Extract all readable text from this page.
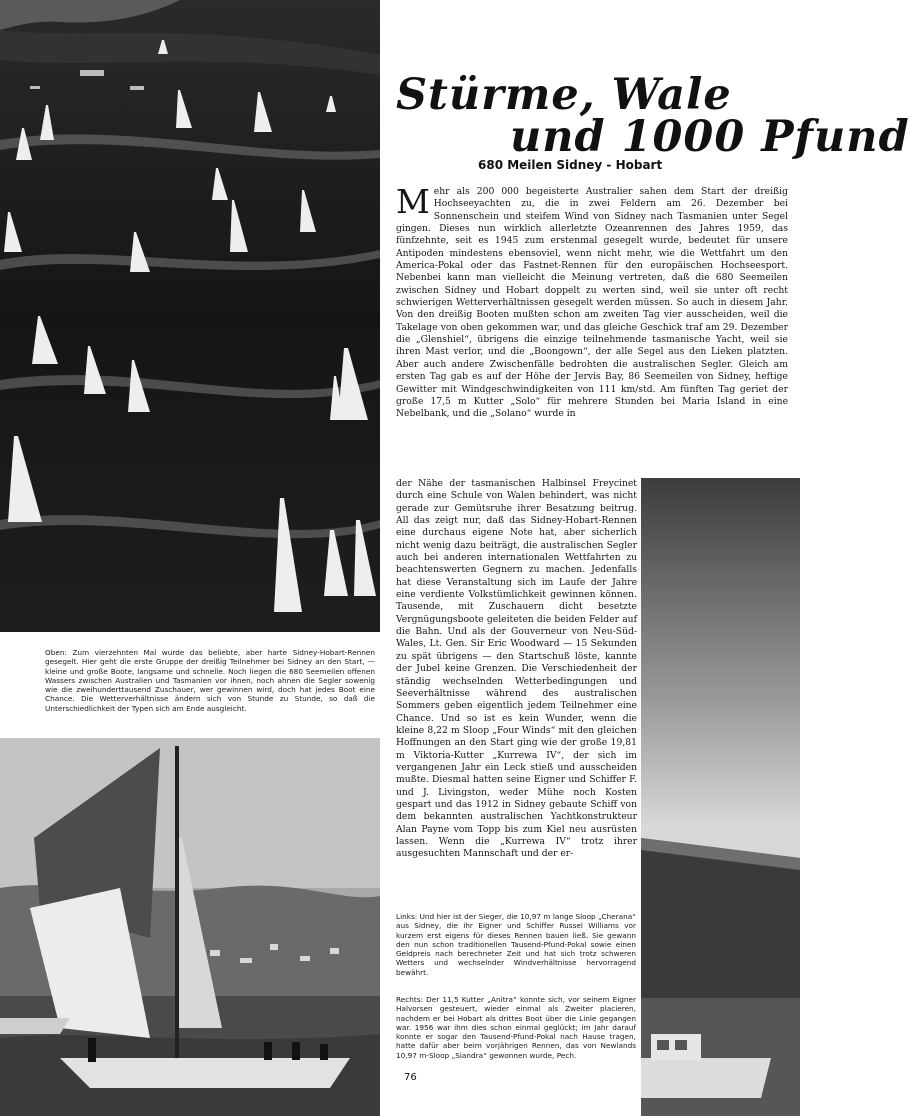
Stürme, Wale
und 1000 Pfund
680 Meilen Sidney - Hobart
Mehr als 200 000 begeisterte Australier sahen dem Start der dreißig Hochseeyachten zu, die in zwei Feldern am 26. Dezember bei Sonnenschein und steifem Wind von Sidney nach Tasmanien unter Segel gingen. Dieses nun wirklich allerletzte Ozeanrennen des Jahres 1959, das fünfzehnte, seit es 1945 zum erstenmal gesegelt wurde, bedeutet für unsere Antipoden mindestens ebensoviel, wenn nicht mehr, wie die Wettfahrt um den America-Pokal oder das Fastnet-Rennen für den europäischen Hochseesport. Nebenbei kann man vielleicht die Meinung vertreten, daß die 680 Seemeilen zwischen Sidney und Hobart doppelt zu werten sind, weil sie unter oft recht schwierigen Wetterverhältnissen gesegelt werden müssen. So auch in diesem Jahr. Von den dreißig Booten mußten schon am zweiten Tag vier ausscheiden, weil die Takelage von oben gekommen war, und das gleiche Geschick traf am 29. Dezember die „Glenshiel“, übrigens die einzige teilnehmende tasmanische Yacht, weil sie ihren Mast verlor, und die „Boongown“, der alle Segel aus den Lieken platzten. Aber auch andere Zwischenfälle bedrohten die australischen Segler. Gleich am ersten Tag gab es auf der Höhe der Jervis Bay, 86 Seemeilen von Sidney, heftige Gewitter mit Windgeschwindigkeiten von 111 km/std. Am fünften Tag geriet der große 17,5 m Kutter „Solo“ für mehrere Stunden bei Maria Island in eine Nebelbank, und die „Solano“ wurde in
der Nähe der tasmanischen Halbinsel Freycinet durch eine Schule von Walen behindert, was nicht gerade zur Gemütsruhe ihrer Besatzung beitrug. All das zeigt nur, daß das Sidney-Hobart-Rennen eine durchaus eigene Note hat, aber sicherlich nicht wenig dazu beiträgt, die australischen Segler auch bei anderen internationalen Wettfahrten zu beachtenswerten Gegnern zu machen. Jedenfalls hat diese Veranstaltung sich im Laufe der Jahre eine verdiente Volkstümlichkeit gewinnen können. Tausende, mit Zuschauern dicht besetzte Vergnügungsboote geleiteten die beiden Felder auf die Bahn. Und als der Gouverneur von Neu-Süd-Wales, Lt. Gen. Sir Eric Woodward — 15 Sekunden zu spät übrigens — den Startschuß löste, kannte der Jubel keine Grenzen. Die Verschiedenheit der ständig wechselnden Wetterbedingungen und Seeverhältnisse während des australischen Sommers geben eigentlich jedem Teilnehmer eine Chance. Und so ist es kein Wunder, wenn die kleine 8,22 m Sloop „Four Winds“ mit den gleichen Hoffnungen an den Start ging wie der große 19,81 m Viktoria-Kutter „Kurrewa IV“, der sich im vergangenen Jahr ein Leck stieß und ausscheiden mußte. Diesmal hatten seine Eigner und Schiffer F. und J. Livingston, weder Mühe noch Kosten gespart und das 1912 in Sidney gebaute Schiff von dem bekannten australischen Yachtkonstrukteur Alan Payne vom Topp bis zum Kiel neu ausrüsten lassen. Wenn die „Kurrewa IV“ trotz ihrer ausgesuchten Mannschaft und der er-
Oben: Zum vierzehnten Mal wurde das beliebte, aber harte Sidney-Hobart-Rennen gesegelt. Hier geht die erste Gruppe der dreißig Teilnehmer bei Sidney an den Start, — kleine und große Boote, langsame und schnelle. Noch liegen die 680 Seemeilen offenen Wassers zwischen Australien und Tasmanien vor ihnen, noch ahnen die Segler sowenig wie die zweihunderttausend Zuschauer, wer gewinnen wird, doch hat jedes Boot eine Chance. Die Wetterverhältnisse ändern sich von Stunde zu Stunde, so daß die Unterschiedlichkeit der Typen sich am Ende ausgleicht.
Links: Und hier ist der Sieger, die 10,97 m lange Sloop „Cherana“ aus Sidney, die ihr Eigner und Schiffer Russel Williams vor kurzem erst eigens für dieses Rennen bauen ließ. Sie gewann den nun schon traditionellen Tausend-Pfund-Pokal sowie einen Geldpreis nach berechneter Zeit und hat sich trotz schweren Wetters und wechselnder Windverhältnisse hervorragend bewährt.
Rechts: Der 11,5 Kutter „Anitra“ konnte sich, vor seinem Eigner Halvorsen gesteuert, wieder einmal als Zweiter placieren, nachdem er bei Hobart als drittes Boot über die Linie gegangen war. 1956 war ihm dies schon einmal geglückt; im Jahr darauf konnte er sogar den Tausend-Pfund-Pokal nach Hause tragen, hatte dafür aber beim vorjährigen Rennen, das von Newlands 10,97 m-Sloop „Siandra“ gewonnen wurde, Pech.
76
